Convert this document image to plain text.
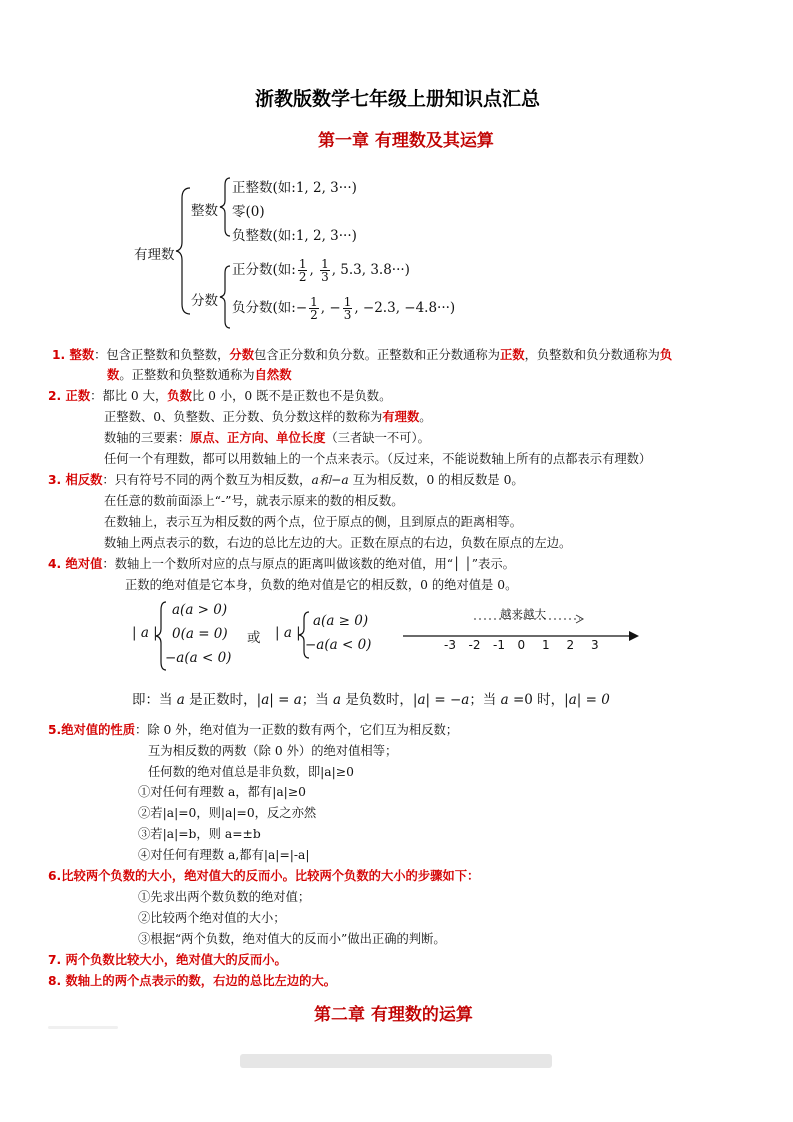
浙教版数学七年级上册知识点汇总
第一章 有理数及其运算
有理数
整数
正整数(如:1, 2, 3···)
零(0)
负整数(如:1, 2, 3···)
分数
正分数(如: $\frac{1}{2}$ , $\frac{1}{3}$ , 5.3, 3.8···)
负分数(如:− $\frac{1}{2}$ , − $\frac{1}{3}$ , −2.3, −4.8···)
1. 整数：包含正整数和负整数，分数包含正分数和负分数。正整数和正分数通称为正数，负整数和负分数通称为负
数。正整数和负整数通称为自然数
2. 正数：都比 0 大，负数比 0 小，0 既不是正数也不是负数。
正整数、0、负整数、正分数、负分数这样的数称为有理数。
数轴的三要素：原点、正方向、单位长度（三者缺一不可）。
任何一个有理数，都可以用数轴上的一个点来表示。（反过来，不能说数轴上所有的点都表示有理数）
3. 相反数：只有符号不同的两个数互为相反数，a和−a 互为相反数，0 的相反数是 0。
在任意的数前面添上“-”号，就表示原来的数的相反数。
在数轴上，表示互为相反数的两个点，位于原点的侧，且到原点的距离相等。
数轴上两点表示的数，右边的总比左边的大。正数在原点的右边，负数在原点的左边。
4. 绝对值：数轴上一个数所对应的点与原点的距离叫做该数的绝对值，用“│ │”表示。
正数的绝对值是它本身，负数的绝对值是它的相反数，0 的绝对值是 0。
| a |
a(a > 0)
0(a = 0)
−a(a < 0)
或 | a |
a(a ≥ 0)
−a(a < 0)
越来越大
-3 -2 -1 0 1 2 3
即：当 a 是正数时，|a| = a；当 a 是负数时，|a| = −a；当 a =0 时，|a| = 0
5.绝对值的性质：除 0 外，绝对值为一正数的数有两个，它们互为相反数；
互为相反数的两数（除 0 外）的绝对值相等；
任何数的绝对值总是非负数，即|a|≥0
①对任何有理数 a，都有|a|≥0
②若|a|=0，则|a|=0，反之亦然
③若|a|=b，则 a=±b
④对任何有理数 a,都有|a|=|-a|
6.比较两个负数的大小，绝对值大的反而小。比较两个负数的大小的步骤如下：
①先求出两个数负数的绝对值；
②比较两个绝对值的大小；
③根据“两个负数，绝对值大的反而小”做出正确的判断。
7. 两个负数比较大小，绝对值大的反而小。
8. 数轴上的两个点表示的数，右边的总比左边的大。
第二章 有理数的运算
